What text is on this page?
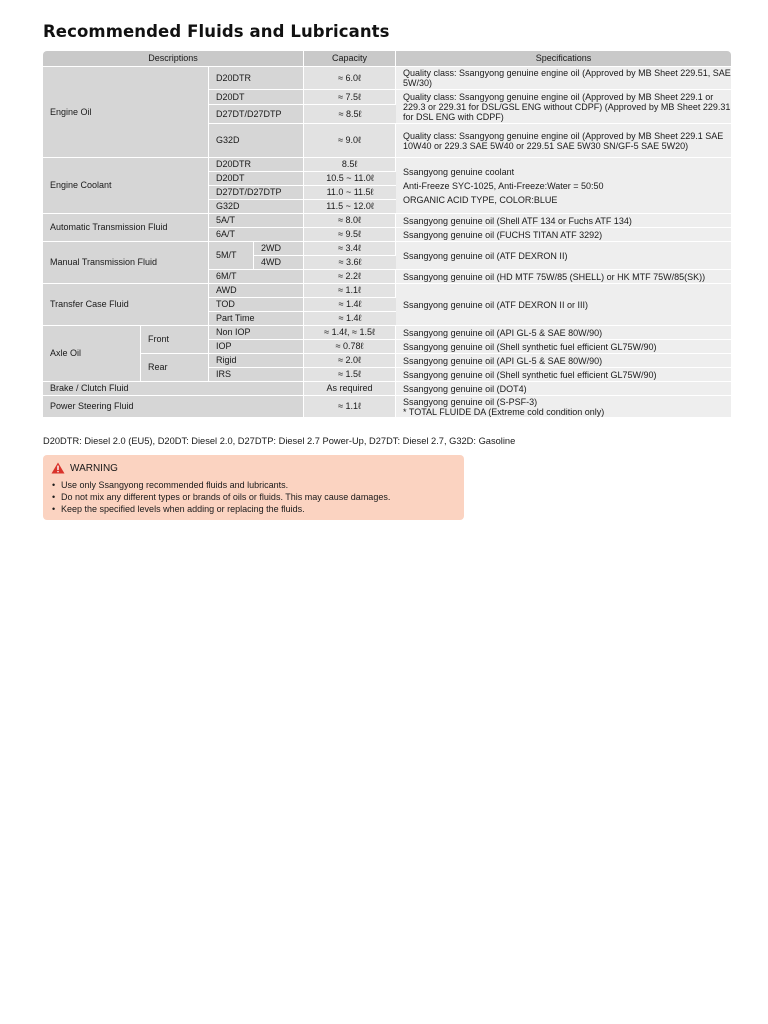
Recommended Fluids and Lubricants
Descriptions				Capacity	Specifications
Engine Oil		D20DTR		≈ 6.0ℓ	Quality class: Ssangyong genuine engine oil (Approved by MB Sheet 229.51, SAE 5W/30)
		D20DT		≈ 7.5ℓ	Quality class: Ssangyong genuine engine oil (Approved by MB Sheet 229.1 or 229.3 or 229.31 for DSL/GSL ENG without CDPF) (Approved by MB Sheet 229.31 for DSL ENG with CDPF)
		D27DT/D27DTP		≈ 8.5ℓ	
		G32D		≈ 9.0ℓ	Quality class: Ssangyong genuine engine oil (Approved by MB Sheet 229.1 SAE 10W40 or 229.3 SAE 5W40 or 229.51 SAE 5W30 SN/GF-5 SAE 5W20)
Engine Coolant		D20DTR		8.5ℓ	Ssangyong genuine coolant
Anti-Freeze SYC-1025, Anti-Freeze:Water = 50:50
ORGANIC ACID TYPE, COLOR:BLUE

		D20DT		10.5 ~ 11.0ℓ	
		D27DT/D27DTP		11.0 ~ 11.5ℓ	
		G32D		11.5 ~ 12.0ℓ	
Automatic Transmission Fluid		5A/T		≈ 8.0ℓ	Ssangyong genuine oil (Shell ATF 134 or Fuchs ATF 134)
		6A/T		≈ 9.5ℓ	Ssangyong genuine oil (FUCHS TITAN ATF 3292)
Manual Transmission Fluid		5M/T	2WD	≈ 3.4ℓ	Ssangyong genuine oil (ATF DEXRON II)
			4WD	≈ 3.6ℓ	
		6M/T		≈ 2.2ℓ	Ssangyong genuine oil (HD MTF 75W/85 (SHELL) or HK MTF 75W/85(SK))
Transfer Case Fluid		AWD		≈ 1.1ℓ	Ssangyong genuine oil (ATF DEXRON II or III)
		TOD		≈ 1.4ℓ	
		Part Time		≈ 1.4ℓ	
Axle Oil	Front	Non IOP		≈ 1.4ℓ, ≈ 1.5ℓ	Ssangyong genuine oil (API GL-5 & SAE 80W/90)
		IOP		≈ 0.78ℓ	Ssangyong genuine oil (Shell synthetic fuel efficient GL75W/90)
	Rear	Rigid		≈ 2.0ℓ	Ssangyong genuine oil (API GL-5 & SAE 80W/90)
		IRS		≈ 1.5ℓ	Ssangyong genuine oil (Shell synthetic fuel efficient GL75W/90)
Brake / Clutch Fluid				As required	Ssangyong genuine oil (DOT4)
Power Steering Fluid				≈ 1.1ℓ	Ssangyong genuine oil (S-PSF-3)
* TOTAL FLUIDE DA (Extreme cold condition only)

D20DTR: Diesel 2.0 (EU5), D20DT: Diesel 2.0, D27DTP: Diesel 2.7 Power-Up, D27DT: Diesel 2.7, G32D: Gasoline

WARNING
• Use only Ssangyong recommended fluids and lubricants.
• Do not mix any different types or brands of oils or fluids. This may cause damages.
• Keep the specified levels when adding or replacing the fluids.
